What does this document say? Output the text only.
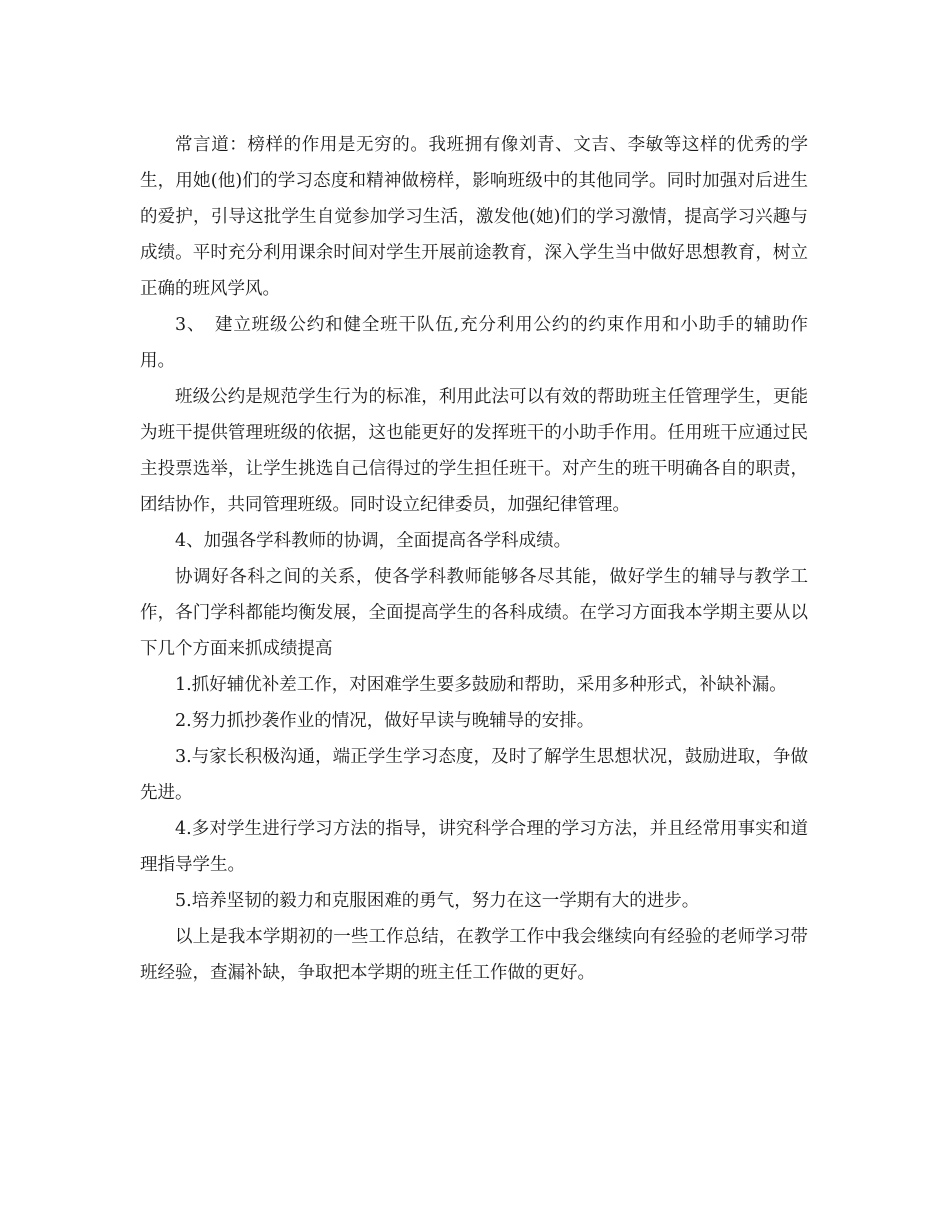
常言道：榜样的作用是无穷的。我班拥有像刘青、文吉、李敏等这样的优秀的学生，用她(他)们的学习态度和精神做榜样，影响班级中的其他同学。同时加强对后进生的爱护，引导这批学生自觉参加学习生活，激发他(她)们的学习激情，提高学习兴趣与成绩。平时充分利用课余时间对学生开展前途教育，深入学生当中做好思想教育，树立正确的班风学风。

3、　建立班级公约和健全班干队伍,充分利用公约的约束作用和小助手的辅助作用。

班级公约是规范学生行为的标准，利用此法可以有效的帮助班主任管理学生，更能为班干提供管理班级的依据，这也能更好的发挥班干的小助手作用。任用班干应通过民主投票选举，让学生挑选自己信得过的学生担任班干。对产生的班干明确各自的职责，团结协作，共同管理班级。同时设立纪律委员，加强纪律管理。

4、加强各学科教师的协调，全面提高各学科成绩。

协调好各科之间的关系，使各学科教师能够各尽其能，做好学生的辅导与教学工作，各门学科都能均衡发展，全面提高学生的各科成绩。在学习方面我本学期主要从以下几个方面来抓成绩提高

1.抓好辅优补差工作，对困难学生要多鼓励和帮助，采用多种形式，补缺补漏。

2.努力抓抄袭作业的情况，做好早读与晚辅导的安排。

3.与家长积极沟通，端正学生学习态度，及时了解学生思想状况，鼓励进取，争做先进。

4.多对学生进行学习方法的指导，讲究科学合理的学习方法，并且经常用事实和道理指导学生。

5.培养坚韧的毅力和克服困难的勇气，努力在这一学期有大的进步。

以上是我本学期初的一些工作总结，在教学工作中我会继续向有经验的老师学习带班经验，查漏补缺，争取把本学期的班主任工作做的更好。
